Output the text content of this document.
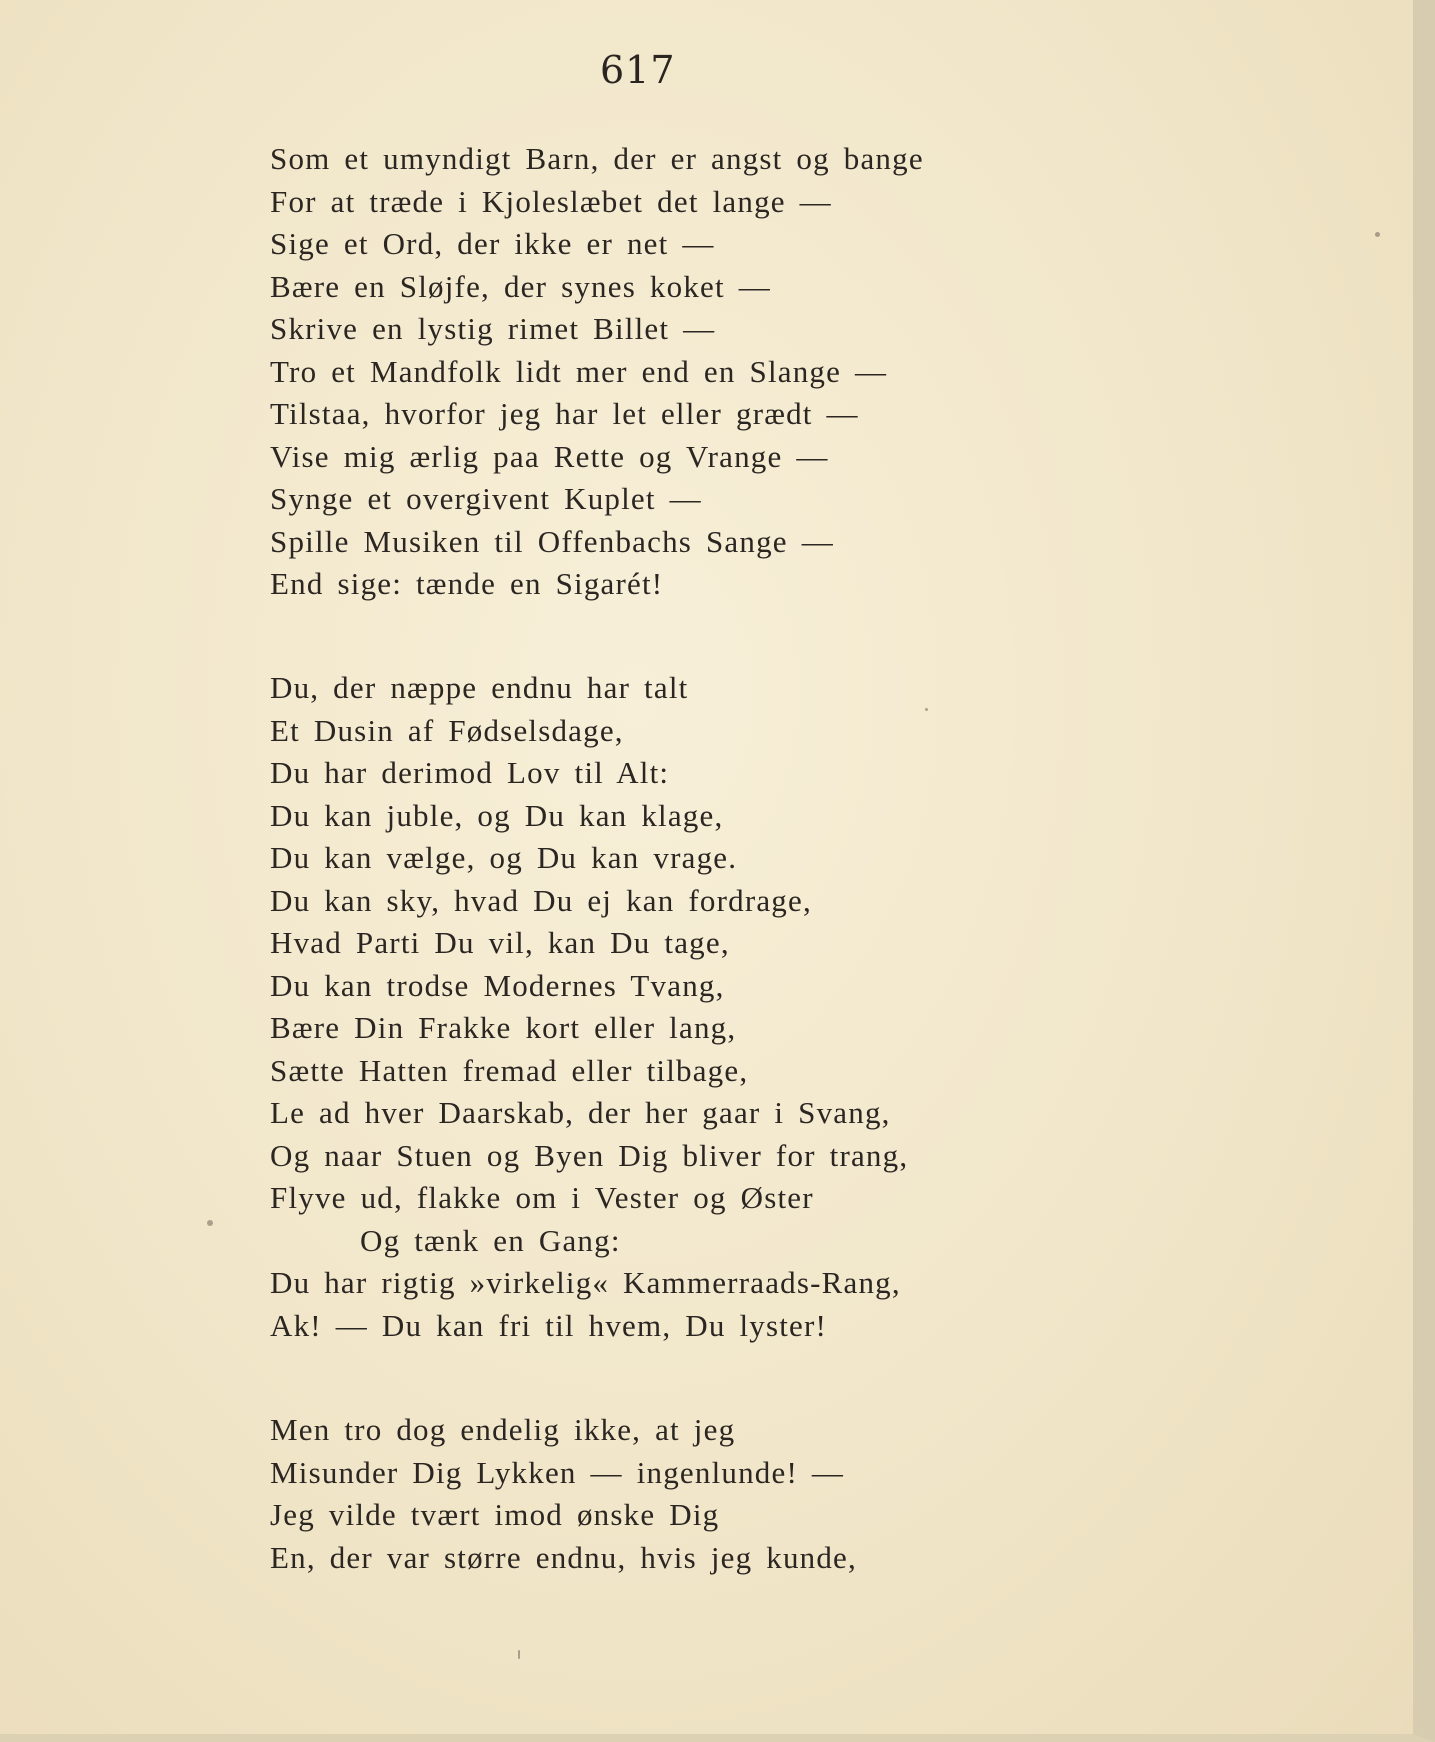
617
Som et umyndigt Barn, der er angst og bange
For at træde i Kjoleslæbet det lange —
Sige et Ord, der ikke er net —
Bære en Sløjfe, der synes koket —
Skrive en lystig rimet Billet —
Tro et Mandfolk lidt mer end en Slange —
Tilstaa, hvorfor jeg har let eller grædt —
Vise mig ærlig paa Rette og Vrange —
Synge et overgivent Kuplet —
Spille Musiken til Offenbachs Sange —
End sige: tænde en Sigarét!
Du, der næppe endnu har talt
Et Dusin af Fødselsdage,
Du har derimod Lov til Alt:
Du kan juble, og Du kan klage,
Du kan vælge, og Du kan vrage.
Du kan sky, hvad Du ej kan fordrage,
Hvad Parti Du vil, kan Du tage,
Du kan trodse Modernes Tvang,
Bære Din Frakke kort eller lang,
Sætte Hatten fremad eller tilbage,
Le ad hver Daarskab, der her gaar i Svang,
Og naar Stuen og Byen Dig bliver for trang,
Flyve ud, flakke om i Vester og Øster
Og tænk en Gang:
Du har rigtig »virkelig« Kammerraads-Rang,
Ak! — Du kan fri til hvem, Du lyster!
Men tro dog endelig ikke, at jeg
Misunder Dig Lykken — ingenlunde! —
Jeg vilde tvært imod ønske Dig
En, der var større endnu, hvis jeg kunde,
